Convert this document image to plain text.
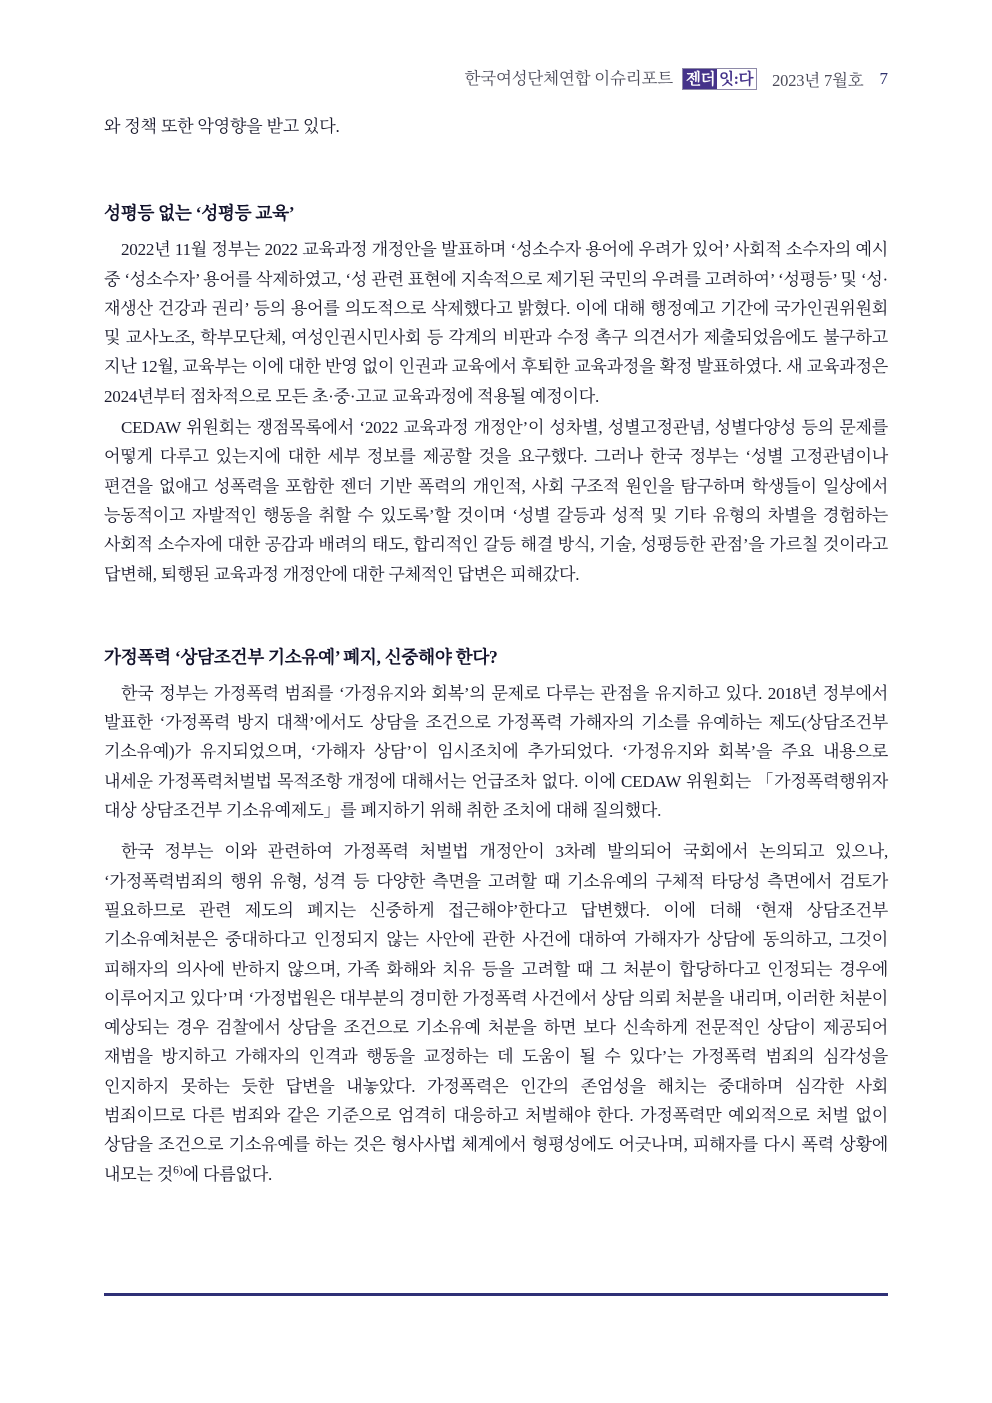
한국여성단체연합 이슈리포트 젠더 잇:다 2023년 7월호 7

와 정책 또한 악영향을 받고 있다.

성평등 없는 ‘성평등 교육’

2022년 11월 정부는 2022 교육과정 개정안을 발표하며 ‘성소수자 용어에 우려가 있어’ 사회적 소수자의 예시 중 ‘성소수자’ 용어를 삭제하였고, ‘성 관련 표현에 지속적으로 제기된 국민의 우려를 고려하여’ ‘성평등’ 및 ‘성·재생산 건강과 권리’ 등의 용어를 의도적으로 삭제했다고 밝혔다. 이에 대해 행정예고 기간에 국가인권위원회 및 교사노조, 학부모단체, 여성인권시민사회 등 각계의 비판과 수정 촉구 의견서가 제출되었음에도 불구하고 지난 12월, 교육부는 이에 대한 반영 없이 인권과 교육에서 후퇴한 교육과정을 확정 발표하였다. 새 교육과정은 2024년부터 점차적으로 모든 초·중·고교 교육과정에 적용될 예정이다.

CEDAW 위원회는 쟁점목록에서 ‘2022 교육과정 개정안’이 성차별, 성별고정관념, 성별다양성 등의 문제를 어떻게 다루고 있는지에 대한 세부 정보를 제공할 것을 요구했다. 그러나 한국 정부는 ‘성별 고정관념이나 편견을 없애고 성폭력을 포함한 젠더 기반 폭력의 개인적, 사회 구조적 원인을 탐구하며 학생들이 일상에서 능동적이고 자발적인 행동을 취할 수 있도록’할 것이며 ‘성별 갈등과 성적 및 기타 유형의 차별을 경험하는 사회적 소수자에 대한 공감과 배려의 태도, 합리적인 갈등 해결 방식, 기술, 성평등한 관점’을 가르칠 것이라고 답변해, 퇴행된 교육과정 개정안에 대한 구체적인 답변은 피해갔다.

가정폭력 ‘상담조건부 기소유예’ 폐지, 신중해야 한다?

한국 정부는 가정폭력 범죄를 ‘가정유지와 회복’의 문제로 다루는 관점을 유지하고 있다. 2018년 정부에서 발표한 ‘가정폭력 방지 대책’에서도 상담을 조건으로 가정폭력 가해자의 기소를 유예하는 제도(상담조건부 기소유예)가 유지되었으며, ‘가해자 상담’이 임시조치에 추가되었다. ‘가정유지와 회복’을 주요 내용으로 내세운 가정폭력처벌법 목적조항 개정에 대해서는 언급조차 없다. 이에 CEDAW 위원회는 「가정폭력행위자 대상 상담조건부 기소유예제도」를 폐지하기 위해 취한 조치에 대해 질의했다.

한국 정부는 이와 관련하여 가정폭력 처벌법 개정안이 3차례 발의되어 국회에서 논의되고 있으나, ‘가정폭력범죄의 행위 유형, 성격 등 다양한 측면을 고려할 때 기소유예의 구체적 타당성 측면에서 검토가 필요하므로 관련 제도의 폐지는 신중하게 접근해야’한다고 답변했다. 이에 더해 ‘현재 상담조건부 기소유예처분은 중대하다고 인정되지 않는 사안에 관한 사건에 대하여 가해자가 상담에 동의하고, 그것이 피해자의 의사에 반하지 않으며, 가족 화해와 치유 등을 고려할 때 그 처분이 합당하다고 인정되는 경우에 이루어지고 있다’며 ‘가정법원은 대부분의 경미한 가정폭력 사건에서 상담 의뢰 처분을 내리며, 이러한 처분이 예상되는 경우 검찰에서 상담을 조건으로 기소유예 처분을 하면 보다 신속하게 전문적인 상담이 제공되어 재범을 방지하고 가해자의 인격과 행동을 교정하는 데 도움이 될 수 있다’는 가정폭력 범죄의 심각성을 인지하지 못하는 듯한 답변을 내놓았다. 가정폭력은 인간의 존엄성을 해치는 중대하며 심각한 사회 범죄이므로 다른 범죄와 같은 기준으로 엄격히 대응하고 처벌해야 한다. 가정폭력만 예외적으로 처벌 없이 상담을 조건으로 기소유예를 하는 것은 형사사법 체계에서 형평성에도 어긋나며, 피해자를 다시 폭력 상황에 내모는 것$^{6)}$에 다름없다.
